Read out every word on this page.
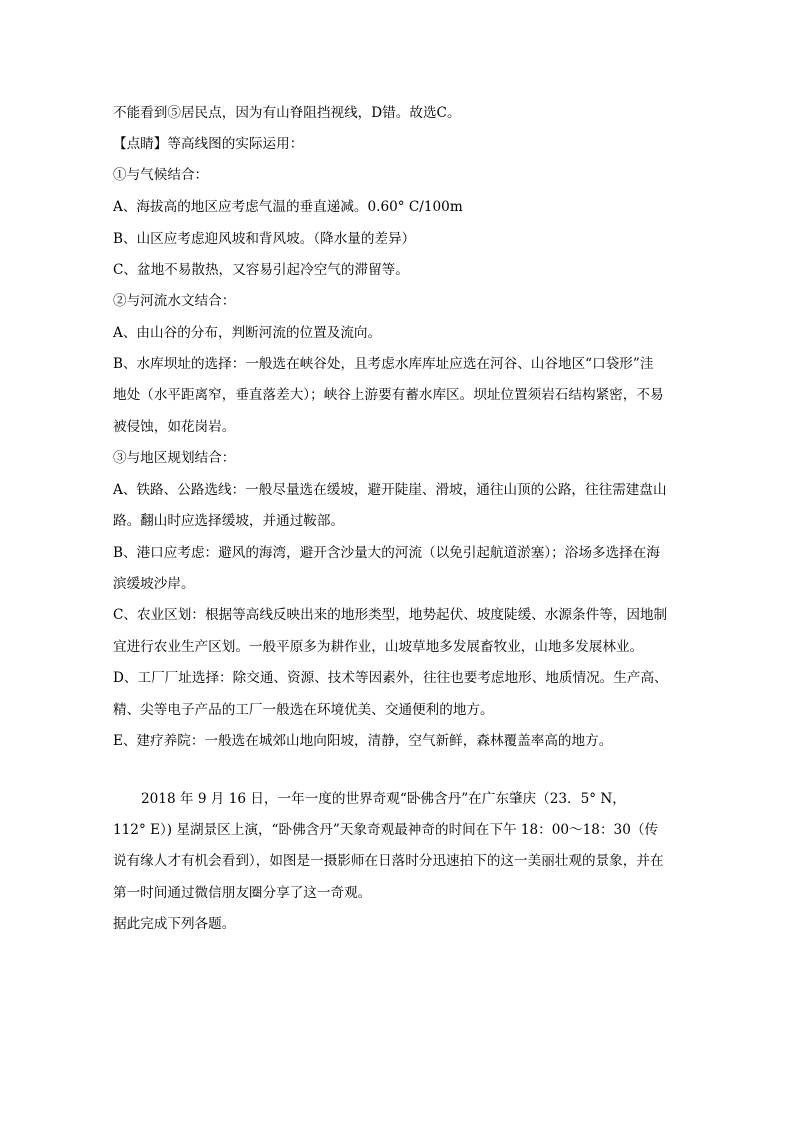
不能看到⑤居民点，因为有山脊阻挡视线，D错。故选C。
【点睛】等高线图的实际运用：
①与气候结合：
A、海拔高的地区应考虑气温的垂直递减。0.60° C/100m
B、山区应考虑迎风坡和背风坡。（降水量的差异）
C、盆地不易散热，又容易引起冷空气的滞留等。
②与河流水文结合：
A、由山谷的分布，判断河流的位置及流向。
B、水库坝址的选择：一般选在峡谷处，且考虑水库库址应选在河谷、山谷地区“口袋形”洼
地处（水平距离窄，垂直落差大）；峡谷上游要有蓄水库区。坝址位置须岩石结构紧密，不易
被侵蚀，如花岗岩。
③与地区规划结合：
A、铁路、公路选线：一般尽量选在缓坡，避开陡崖、滑坡，通往山顶的公路，往往需建盘山
路。翻山时应选择缓坡，并通过鞍部。
B、港口应考虑：避风的海湾，避开含沙量大的河流（以免引起航道淤塞）；浴场多选择在海
滨缓坡沙岸。
C、农业区划：根据等高线反映出来的地形类型，地势起伏、坡度陡缓、水源条件等，因地制
宜进行农业生产区划。一般平原多为耕作业，山坡草地多发展畜牧业，山地多发展林业。
D、工厂厂址选择：除交通、资源、技术等因素外，往往也要考虑地形、地质情况。生产高、
精、尖等电子产品的工厂一般选在环境优美、交通便利的地方。
E、建疗养院：一般选在城郊山地向阳坡，清静，空气新鲜，森林覆盖率高的地方。
2018 年 9 月 16 日，一年一度的世界奇观“卧佛含丹”在广东肇庆（23．5° N，
112° E）) 星湖景区上演，“卧佛含丹”天象奇观最神奇的时间在下午 18：00～18：30（传
说有缘人才有机会看到），如图是一摄影师在日落时分迅速拍下的这一美丽壮观的景象，并在
第一时间通过微信朋友圈分享了这一奇观。
据此完成下列各题。
